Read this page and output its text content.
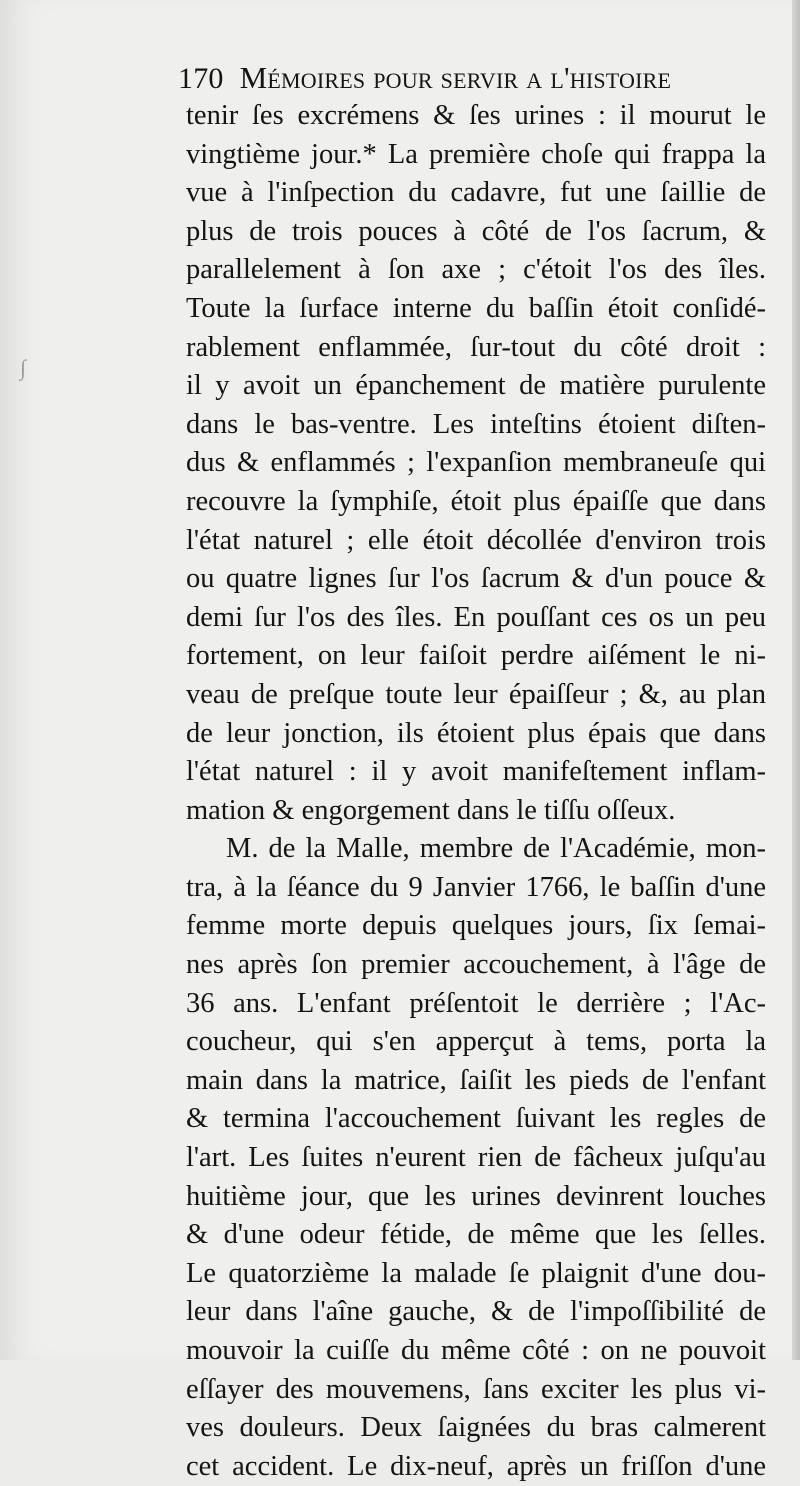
170 Mémoires pour servir a l'histoire
∫
tenir ſes excrémens & ſes urines : il mourut le
vingtième jour.* La première choſe qui frappa la
vue à l'inſpection du cadavre, fut une ſaillie de
plus de trois pouces à côté de l'os ſacrum, &
parallelement à ſon axe ; c'étoit l'os des îles.
Toute la ſurface interne du baſſin étoit conſidé-
rablement enflammée, ſur-tout du côté droit :
il y avoit un épanchement de matière purulente
dans le bas-ventre. Les inteſtins étoient diſten-
dus & enflammés ; l'expanſion membraneuſe qui
recouvre la ſymphiſe, étoit plus épaiſſe que dans
l'état naturel ; elle étoit décollée d'environ trois
ou quatre lignes ſur l'os ſacrum & d'un pouce &
demi ſur l'os des îles. En pouſſant ces os un peu
fortement, on leur faiſoit perdre aiſément le ni-
veau de preſque toute leur épaiſſeur ; &, au plan
de leur jonction, ils étoient plus épais que dans
l'état naturel : il y avoit manifeſtement inflam-
mation & engorgement dans le tiſſu oſſeux.
M. de la Malle, membre de l'Académie, mon-
tra, à la ſéance du 9 Janvier 1766, le baſſin d'une
femme morte depuis quelques jours, ſix ſemai-
nes après ſon premier accouchement, à l'âge de
36 ans. L'enfant préſentoit le derrière ; l'Ac-
coucheur, qui s'en apperçut à tems, porta la
main dans la matrice, ſaiſit les pieds de l'enfant
& termina l'accouchement ſuivant les regles de
l'art. Les ſuites n'eurent rien de fâcheux juſqu'au
huitième jour, que les urines devinrent louches
& d'une odeur fétide, de même que les ſelles.
Le quatorzième la malade ſe plaignit d'une dou-
leur dans l'aîne gauche, & de l'impoſſibilité de
mouvoir la cuiſſe du même côté : on ne pouvoit
eſſayer des mouvemens, ſans exciter les plus vi-
ves douleurs. Deux ſaignées du bras calmerent
cet accident. Le dix-neuf, après un friſſon d'une
